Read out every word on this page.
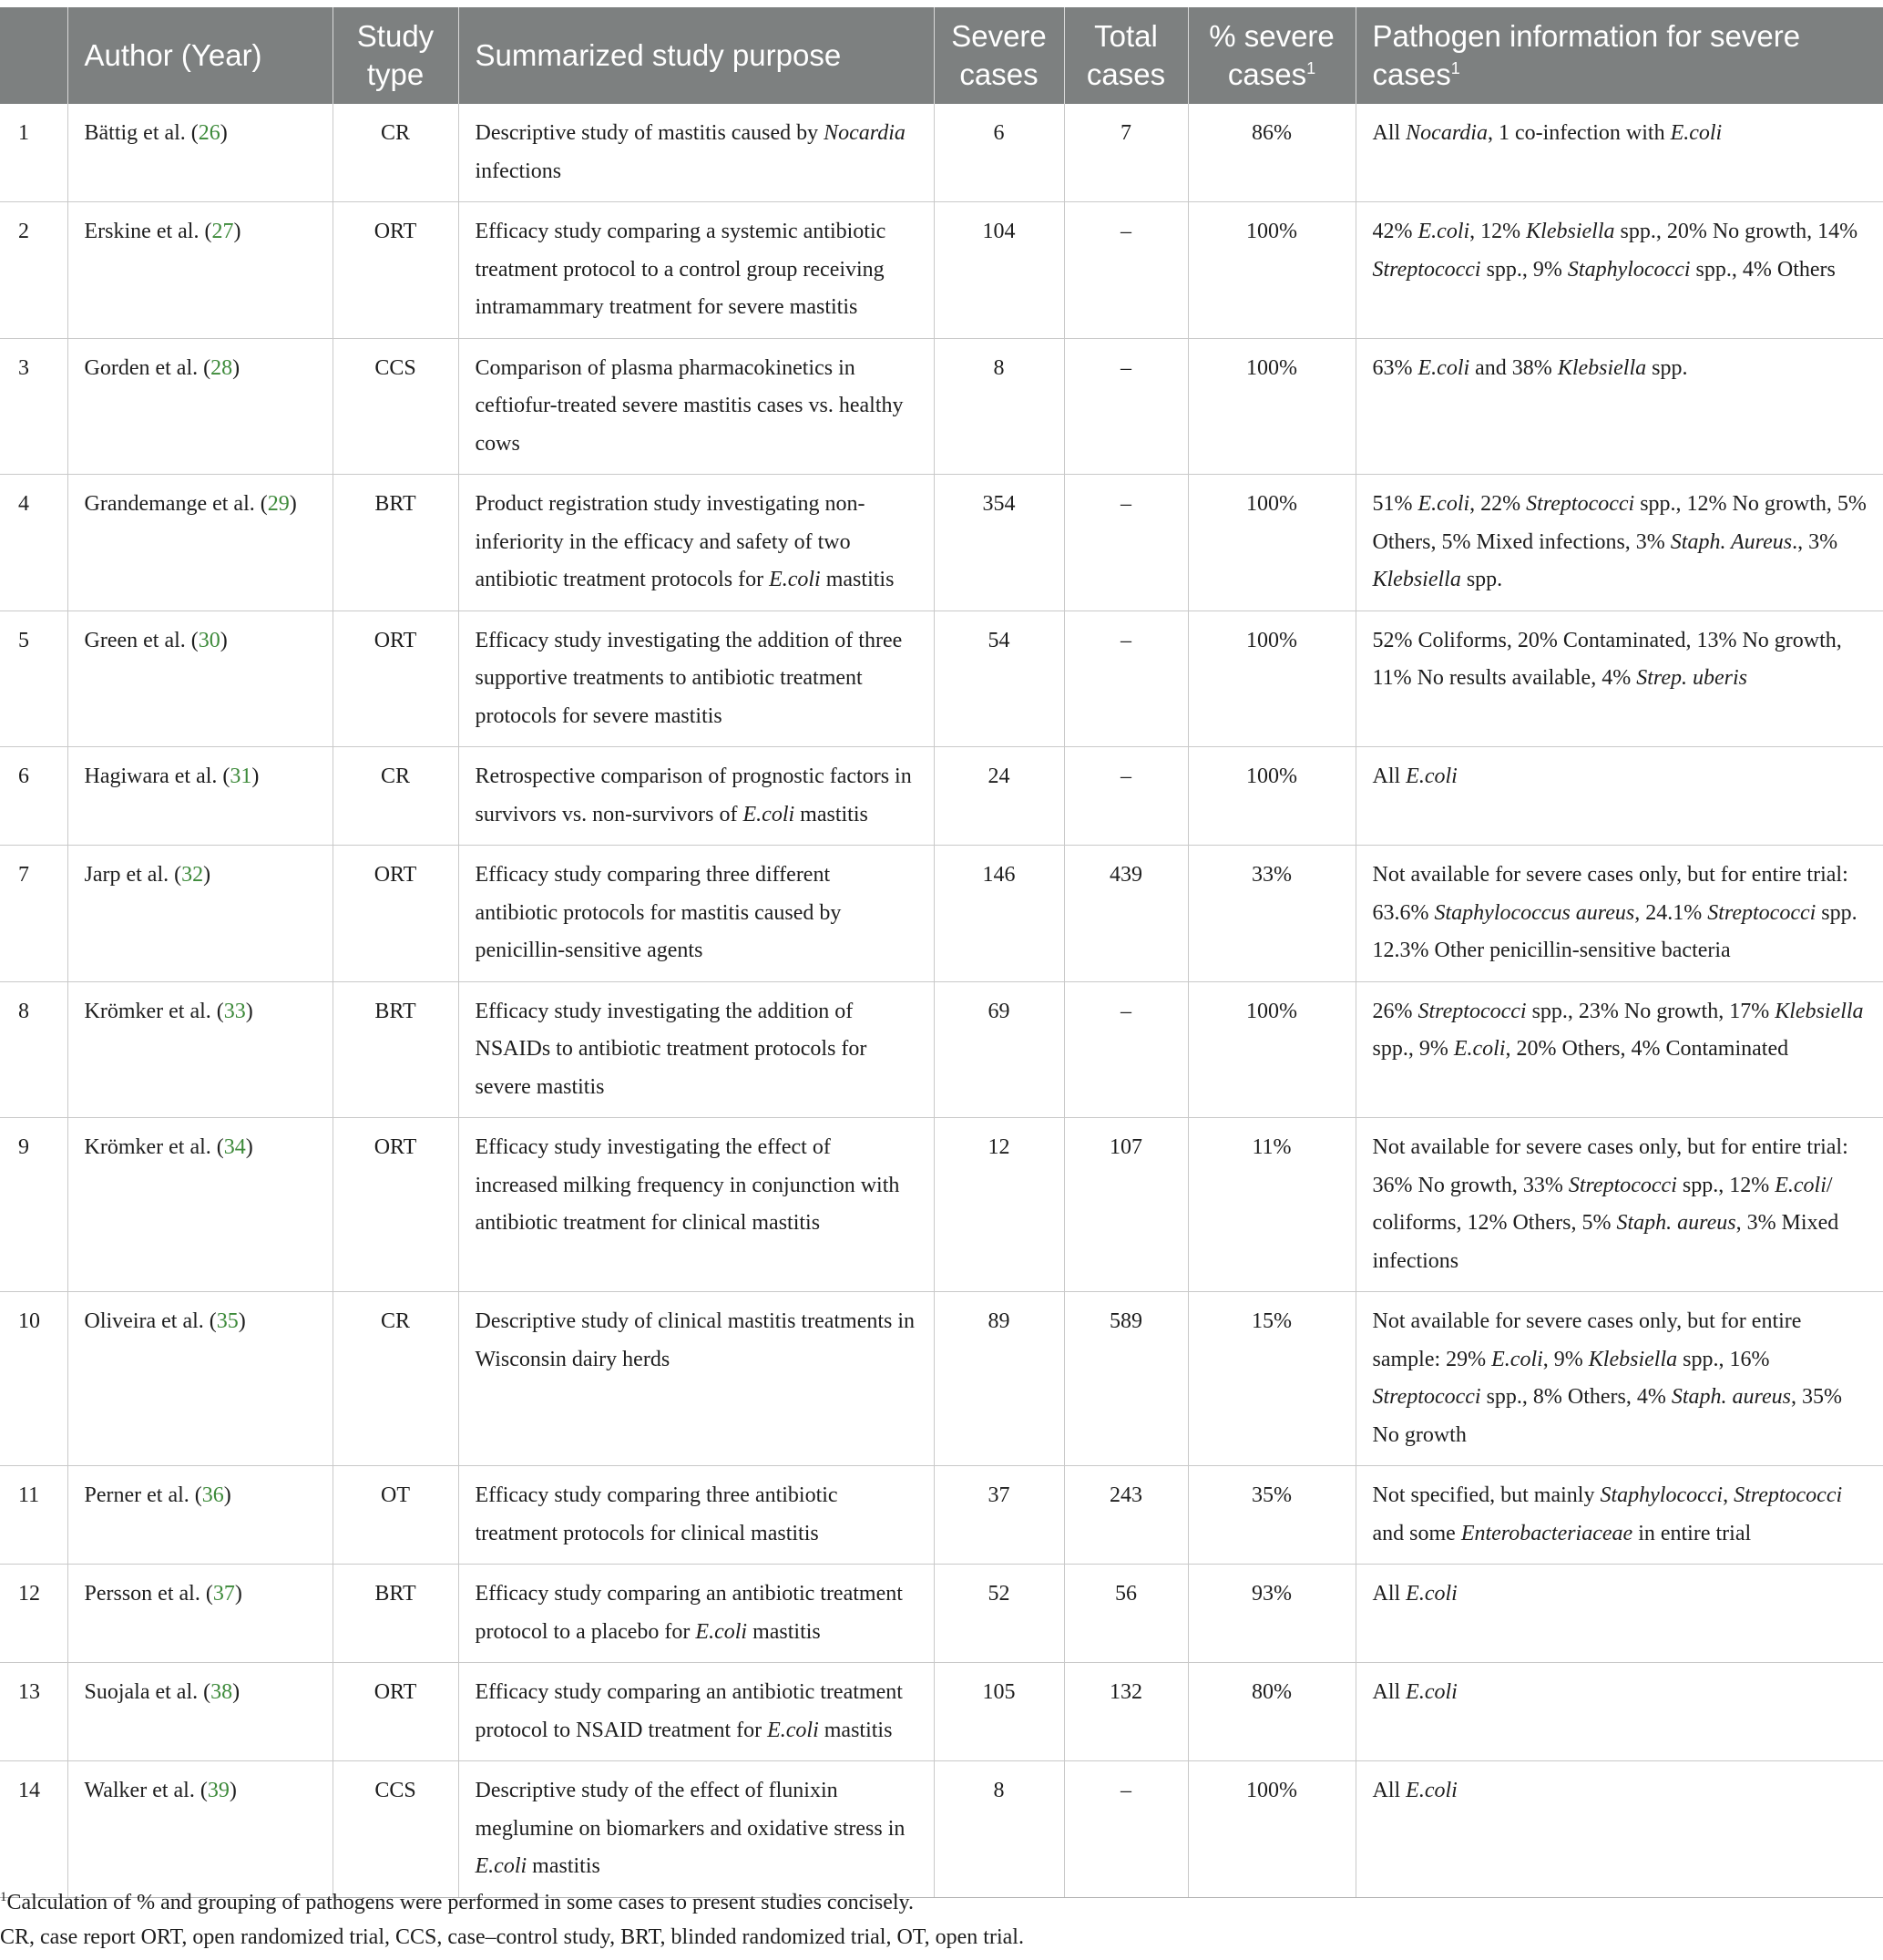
	Author (Year)	Study type	Summarized study purpose	Severe cases	Total cases	% severe cases$^1$	Pathogen information for severe cases$^1$
1	Bättig et al. (26)	CR	Descriptive study of mastitis caused by Nocardia infections	6	7	86%	All Nocardia, 1 co-infection with E.coli
2	Erskine et al. (27)	ORT	Efficacy study comparing a systemic antibiotic treatment protocol to a control group receiving intramammary treatment for severe mastitis	104	–	100%	42% E.coli, 12% Klebsiella spp., 20% No growth, 14% Streptococci spp., 9% Staphylococci spp., 4% Others
3	Gorden et al. (28)	CCS	Comparison of plasma pharmacokinetics in ceftiofur-treated severe mastitis cases vs. healthy cows	8	–	100%	63% E.coli and 38% Klebsiella spp.
4	Grandemange et al. (29)	BRT	Product registration study investigating non-inferiority in the efficacy and safety of two antibiotic treatment protocols for E.coli mastitis	354	–	100%	51% E.coli, 22% Streptococci spp., 12% No growth, 5% Others, 5% Mixed infections, 3% Staph. Aureus., 3% Klebsiella spp.
5	Green et al. (30)	ORT	Efficacy study investigating the addition of three supportive treatments to antibiotic treatment protocols for severe mastitis	54	–	100%	52% Coliforms, 20% Contaminated, 13% No growth, 11% No results available, 4% Strep. uberis
6	Hagiwara et al. (31)	CR	Retrospective comparison of prognostic factors in survivors vs. non-survivors of E.coli mastitis	24	–	100%	All E.coli
7	Jarp et al. (32)	ORT	Efficacy study comparing three different antibiotic protocols for mastitis caused by penicillin-sensitive agents	146	439	33%	Not available for severe cases only, but for entire trial: 63.6% Staphylococcus aureus, 24.1% Streptococci spp. 12.3% Other penicillin-sensitive bacteria
8	Krömker et al. (33)	BRT	Efficacy study investigating the addition of NSAIDs to antibiotic treatment protocols for severe mastitis	69	–	100%	26% Streptococci spp., 23% No growth, 17% Klebsiella spp., 9% E.coli, 20% Others, 4% Contaminated
9	Krömker et al. (34)	ORT	Efficacy study investigating the effect of increased milking frequency in conjunction with antibiotic treatment for clinical mastitis	12	107	11%	Not available for severe cases only, but for entire trial: 36% No growth, 33% Streptococci spp., 12% E.coli/ coliforms, 12% Others, 5% Staph. aureus, 3% Mixed infections
10	Oliveira et al. (35)	CR	Descriptive study of clinical mastitis treatments in Wisconsin dairy herds	89	589	15%	Not available for severe cases only, but for entire sample: 29% E.coli, 9% Klebsiella spp., 16% Streptococci spp., 8% Others, 4% Staph. aureus, 35% No growth
11	Perner et al. (36)	OT	Efficacy study comparing three antibiotic treatment protocols for clinical mastitis	37	243	35%	Not specified, but mainly Staphylococci, Streptococci and some Enterobacteriaceae in entire trial
12	Persson et al. (37)	BRT	Efficacy study comparing an antibiotic treatment protocol to a placebo for E.coli mastitis	52	56	93%	All E.coli
13	Suojala et al. (38)	ORT	Efficacy study comparing an antibiotic treatment protocol to NSAID treatment for E.coli mastitis	105	132	80%	All E.coli
14	Walker et al. (39)	CCS	Descriptive study of the effect of flunixin meglumine on biomarkers and oxidative stress in E.coli mastitis	8	–	100%	All E.coli
$^1$Calculation of % and grouping of pathogens were performed in some cases to present studies concisely.
CR, case report ORT, open randomized trial, CCS, case–control study, BRT, blinded randomized trial, OT, open trial.
